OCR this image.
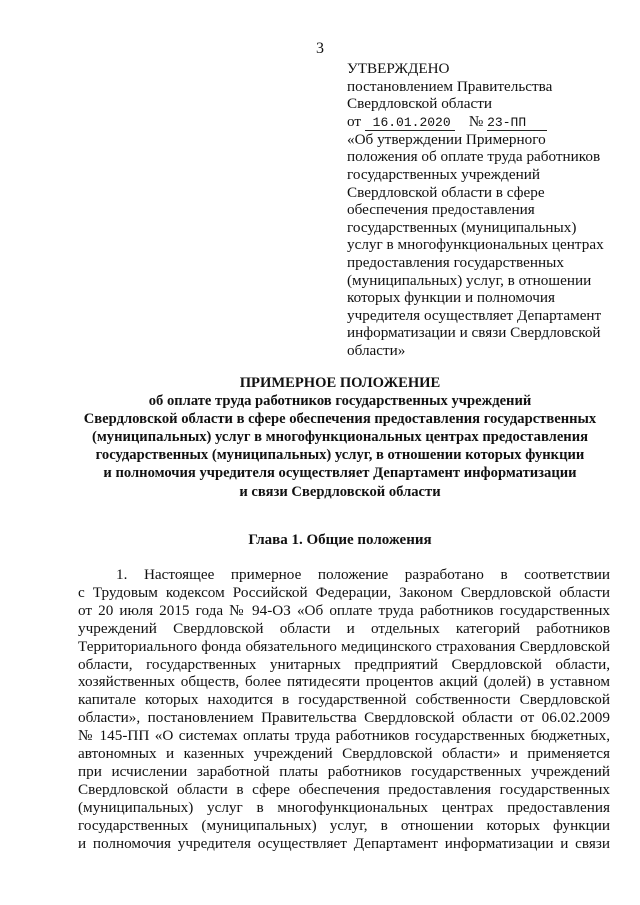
3
УТВЕРЖДЕНО
постановлением Правительства
Свердловской области
от 16.01.2020 № 23-ПП
«Об утверждении Примерного
положения об оплате труда работников
государственных учреждений
Свердловской области в сфере
обеспечения предоставления
государственных (муниципальных)
услуг в многофункциональных центрах
предоставления государственных
(муниципальных) услуг, в отношении
которых функции и полномочия
учредителя осуществляет Департамент
информатизации и связи Свердловской
области»
ПРИМЕРНОЕ ПОЛОЖЕНИЕ
об оплате труда работников государственных учреждений
Свердловской области в сфере обеспечения предоставления государственных
(муниципальных) услуг в многофункциональных центрах предоставления
государственных (муниципальных) услуг, в отношении которых функции
и полномочия учредителя осуществляет Департамент информатизации
и связи Свердловской области
Глава 1. Общие положения
1. Настоящее примерное положение разработано в соответствии
с Трудовым кодексом Российской Федерации, Законом Свердловской области
от 20 июля 2015 года № 94-ОЗ «Об оплате труда работников государственных
учреждений Свердловской области и отдельных категорий работников
Территориального фонда обязательного медицинского страхования Свердловской
области, государственных унитарных предприятий Свердловской области,
хозяйственных обществ, более пятидесяти процентов акций (долей) в уставном
капитале которых находится в государственной собственности Свердловской
области», постановлением Правительства Свердловской области от 06.02.2009
№ 145-ПП «О системах оплаты труда работников государственных бюджетных,
автономных и казенных учреждений Свердловской области» и применяется
при исчислении заработной платы работников государственных учреждений
Свердловской области в сфере обеспечения предоставления государственных
(муниципальных) услуг в многофункциональных центрах предоставления
государственных (муниципальных) услуг, в отношении которых функции
и полномочия учредителя осуществляет Департамент информатизации и связи
